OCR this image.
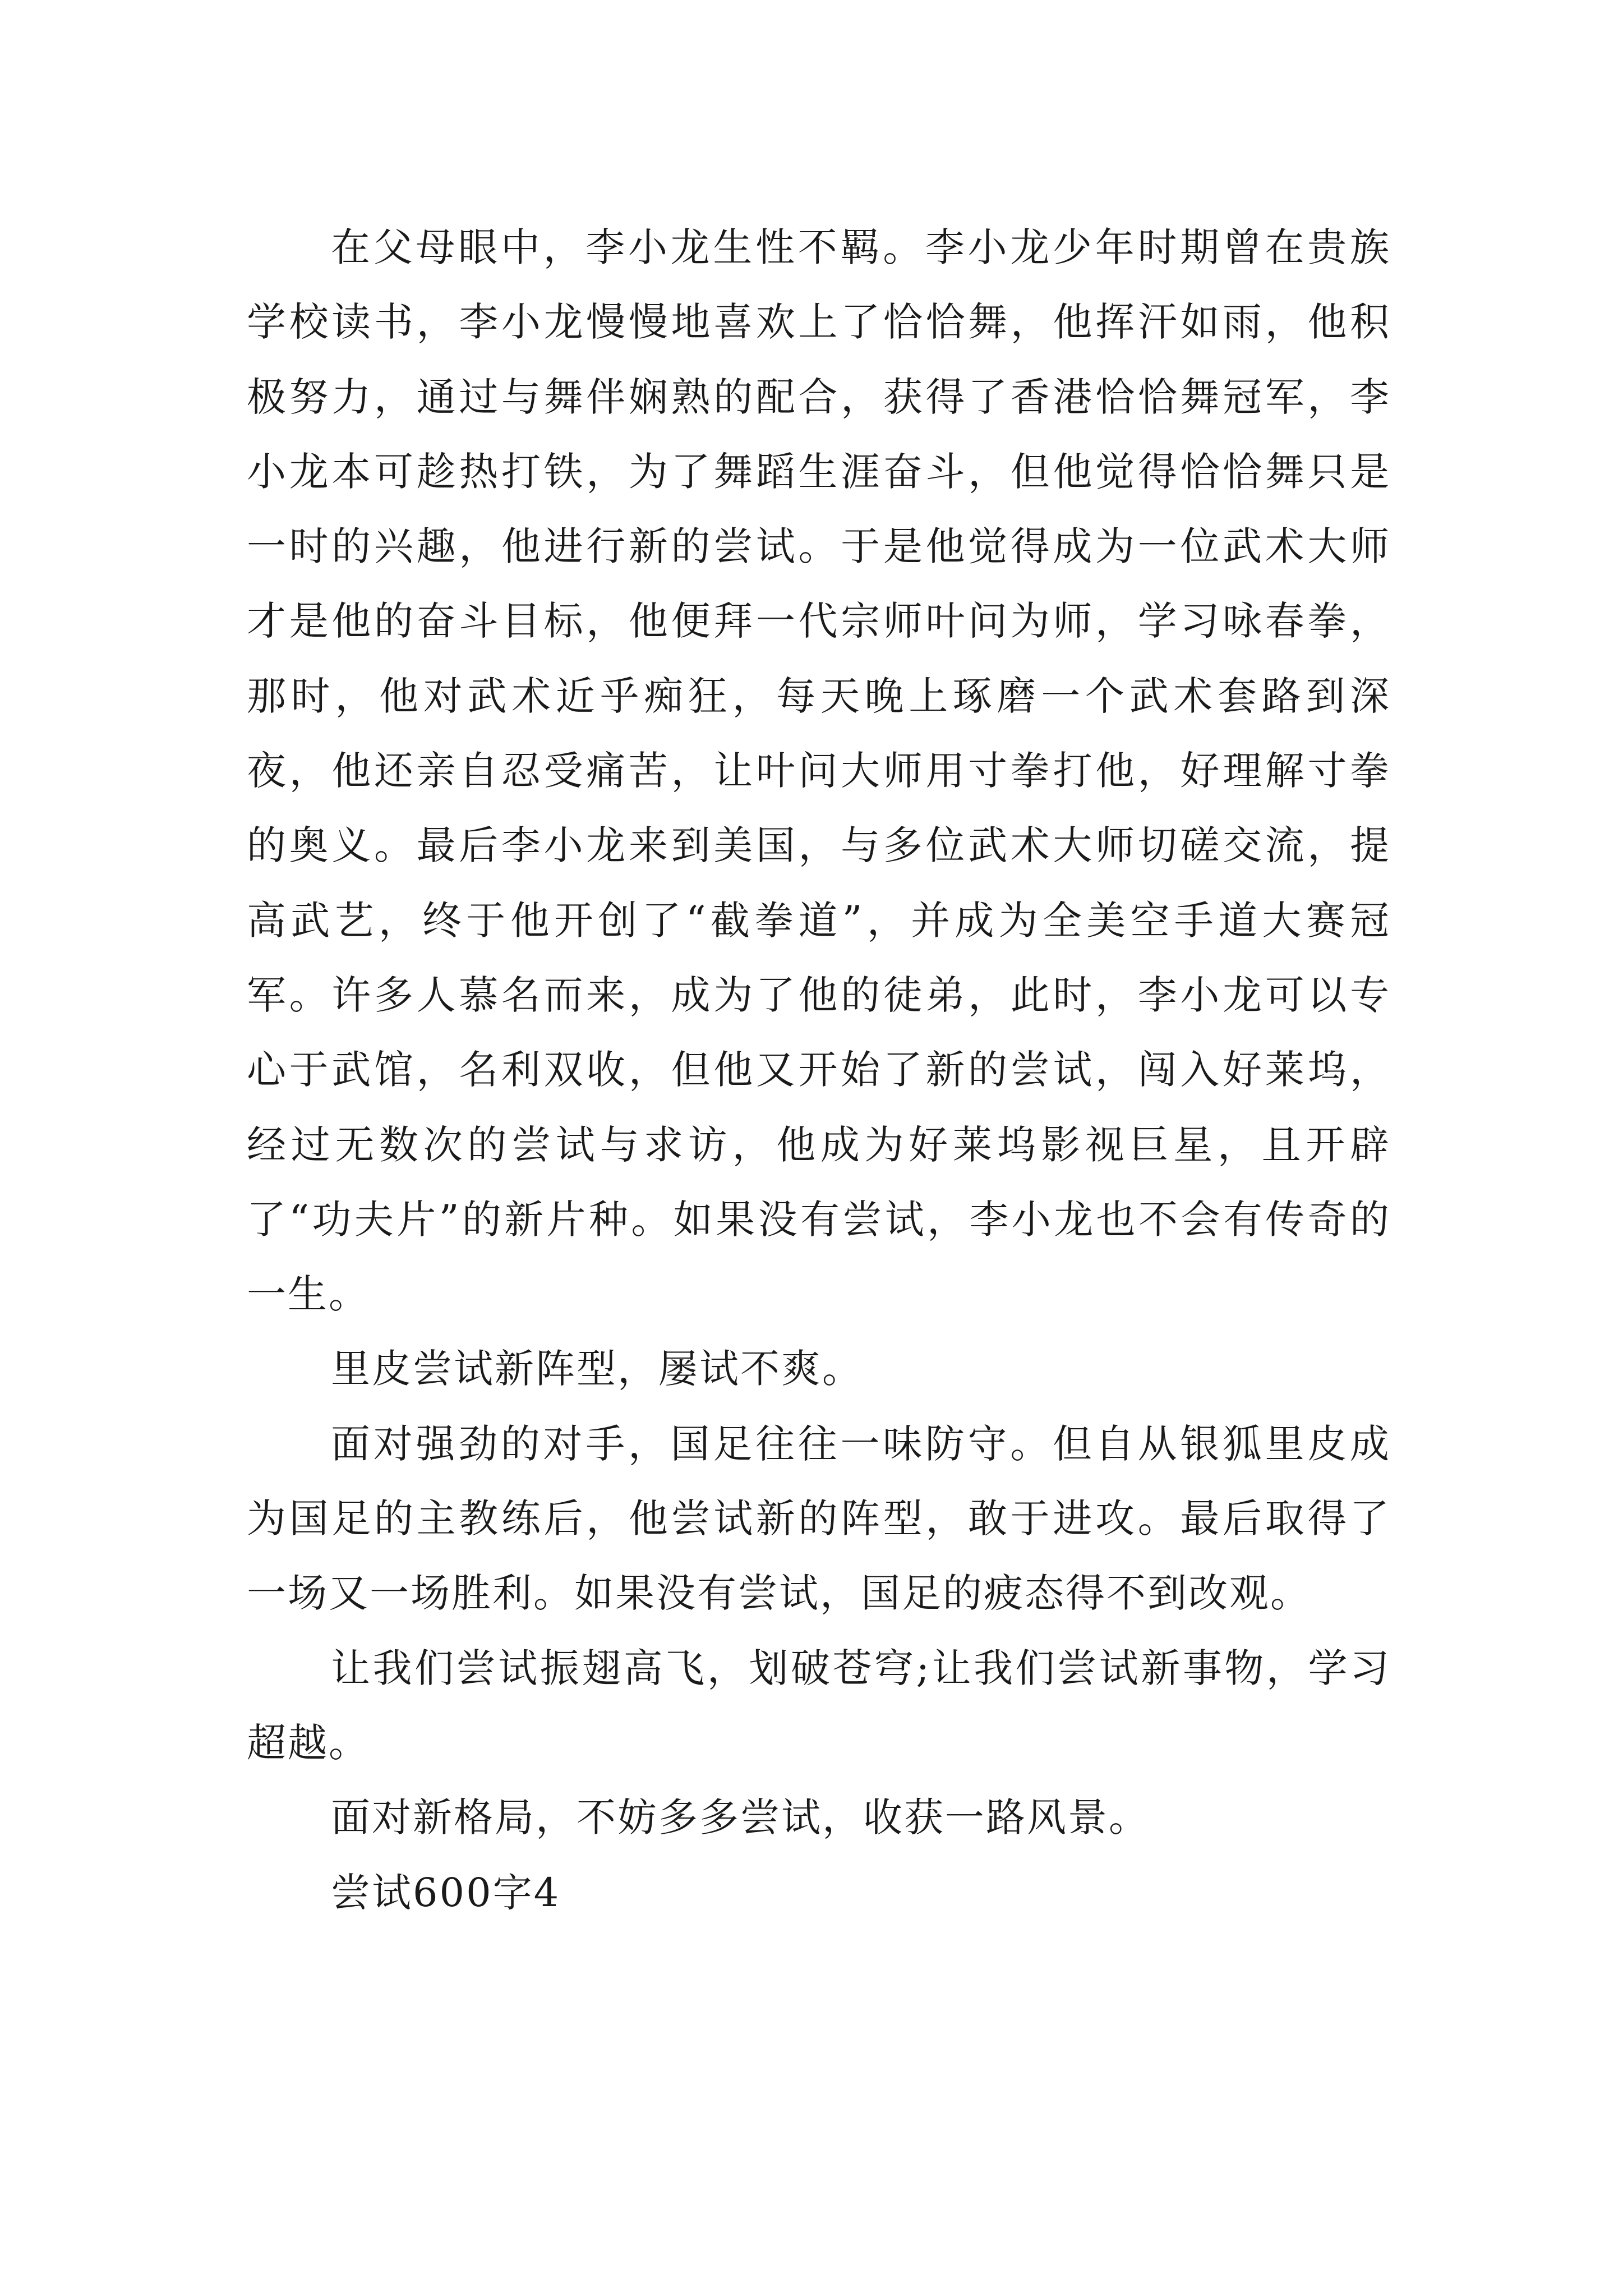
在父母眼中，李小龙生性不羁。李小龙少年时期曾在贵族学校读书，李小龙慢慢地喜欢上了恰恰舞，他挥汗如雨，他积极努力，通过与舞伴娴熟的配合，获得了香港恰恰舞冠军，李小龙本可趁热打铁，为了舞蹈生涯奋斗，但他觉得恰恰舞只是一时的兴趣，他进行新的尝试。于是他觉得成为一位武术大师才是他的奋斗目标，他便拜一代宗师叶问为师，学习咏春拳，那时，他对武术近乎痴狂，每天晚上琢磨一个武术套路到深夜，他还亲自忍受痛苦，让叶问大师用寸拳打他，好理解寸拳的奥义。最后李小龙来到美国，与多位武术大师切磋交流，提高武艺，终于他开创了“截拳道”，并成为全美空手道大赛冠军。许多人慕名而来，成为了他的徒弟，此时，李小龙可以专心于武馆，名利双收，但他又开始了新的尝试，闯入好莱坞，经过无数次的尝试与求访，他成为好莱坞影视巨星，且开辟了“功夫片”的新片种。如果没有尝试，李小龙也不会有传奇的一生。

里皮尝试新阵型，屡试不爽。

面对强劲的对手，国足往往一味防守。但自从银狐里皮成为国足的主教练后，他尝试新的阵型，敢于进攻。最后取得了一场又一场胜利。如果没有尝试，国足的疲态得不到改观。

让我们尝试振翅高飞，划破苍穹;让我们尝试新事物，学习超越。

面对新格局，不妨多多尝试，收获一路风景。

尝试600字4
